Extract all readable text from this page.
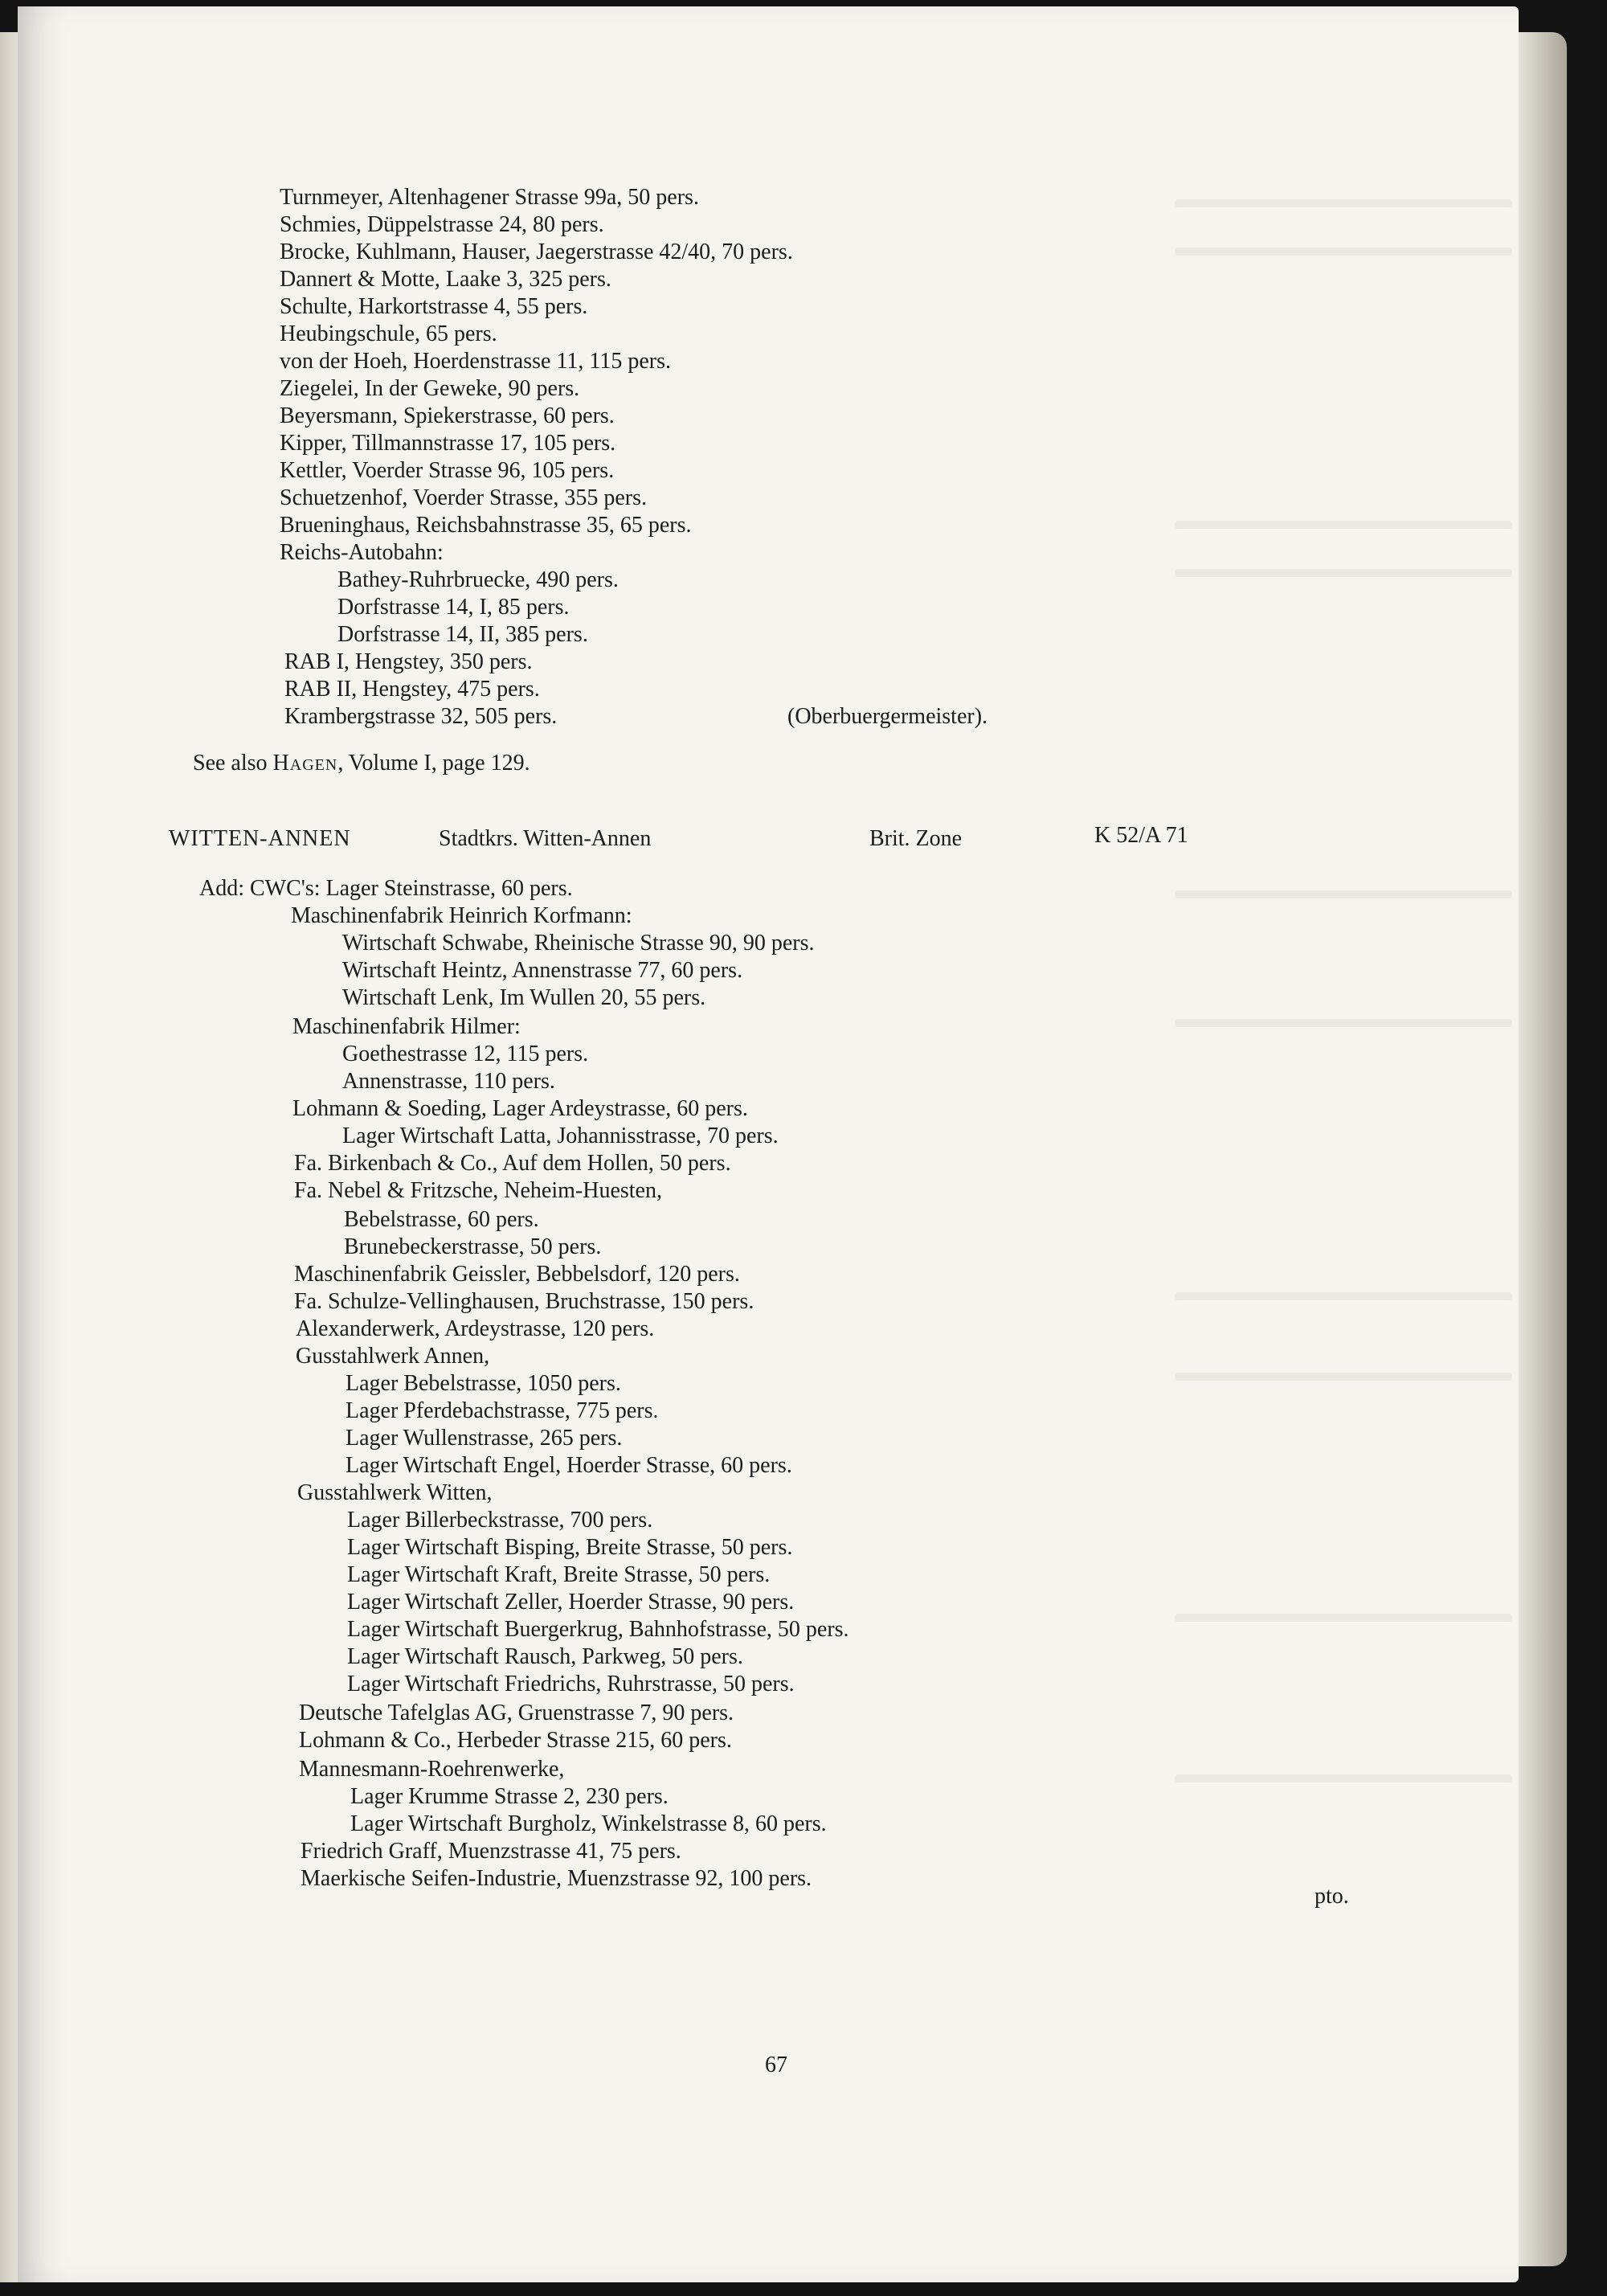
Turnmeyer, Altenhagener Strasse 99a, 50 pers.
Schmies, Düppelstrasse 24, 80 pers.
Brocke, Kuhlmann, Hauser, Jaegerstrasse 42/40, 70 pers.
Dannert & Motte, Laake 3, 325 pers.
Schulte, Harkortstrasse 4, 55 pers.
Heubingschule, 65 pers.
von der Hoeh, Hoerdenstrasse 11, 115 pers.
Ziegelei, In der Geweke, 90 pers.
Beyersmann, Spiekerstrasse, 60 pers.
Kipper, Tillmannstrasse 17, 105 pers.
Kettler, Voerder Strasse 96, 105 pers.
Schuetzenhof, Voerder Strasse, 355 pers.
Brueninghaus, Reichsbahnstrasse 35, 65 pers.
Reichs-Autobahn:
Bathey-Ruhrbruecke, 490 pers.
Dorfstrasse 14, I, 85 pers.
Dorfstrasse 14, II, 385 pers.
RAB I, Hengstey, 350 pers.
RAB II, Hengstey, 475 pers.
Krambergstrasse 32, 505 pers.	(Oberbuergermeister).
See also Hagen, Volume I, page 129.
WITTEN-ANNEN	Stadtkrs. Witten-Annen	Brit. Zone	K 52/A 71
Add: CWC's: Lager Steinstrasse, 60 pers.
Maschinenfabrik Heinrich Korfmann:
Wirtschaft Schwabe, Rheinische Strasse 90, 90 pers.
Wirtschaft Heintz, Annenstrasse 77, 60 pers.
Wirtschaft Lenk, Im Wullen 20, 55 pers.
Maschinenfabrik Hilmer:
Goethestrasse 12, 115 pers.
Annenstrasse, 110 pers.
Lohmann & Soeding, Lager Ardeystrasse, 60 pers.
Lager Wirtschaft Latta, Johannisstrasse, 70 pers.
Fa. Birkenbach & Co., Auf dem Hollen, 50 pers.
Fa. Nebel & Fritzsche, Neheim-Huesten,
Bebelstrasse, 60 pers.
Brunebeckerstrasse, 50 pers.
Maschinenfabrik Geissler, Bebbelsdorf, 120 pers.
Fa. Schulze-Vellinghausen, Bruchstrasse, 150 pers.
Alexanderwerk, Ardeystrasse, 120 pers.
Gusstahlwerk Annen,
Lager Bebelstrasse, 1050 pers.
Lager Pferdebachstrasse, 775 pers.
Lager Wullenstrasse, 265 pers.
Lager Wirtschaft Engel, Hoerder Strasse, 60 pers.
Gusstahlwerk Witten,
Lager Billerbeckstrasse, 700 pers.
Lager Wirtschaft Bisping, Breite Strasse, 50 pers.
Lager Wirtschaft Kraft, Breite Strasse, 50 pers.
Lager Wirtschaft Zeller, Hoerder Strasse, 90 pers.
Lager Wirtschaft Buergerkrug, Bahnhofstrasse, 50 pers.
Lager Wirtschaft Rausch, Parkweg, 50 pers.
Lager Wirtschaft Friedrichs, Ruhrstrasse, 50 pers.
Deutsche Tafelglas AG, Gruenstrasse 7, 90 pers.
Lohmann & Co., Herbeder Strasse 215, 60 pers.
Mannesmann-Roehrenwerke,
Lager Krumme Strasse 2, 230 pers.
Lager Wirtschaft Burgholz, Winkelstrasse 8, 60 pers.
Friedrich Graff, Muenzstrasse 41, 75 pers.
Maerkische Seifen-Industrie, Muenzstrasse 92, 100 pers.
pto.
67
